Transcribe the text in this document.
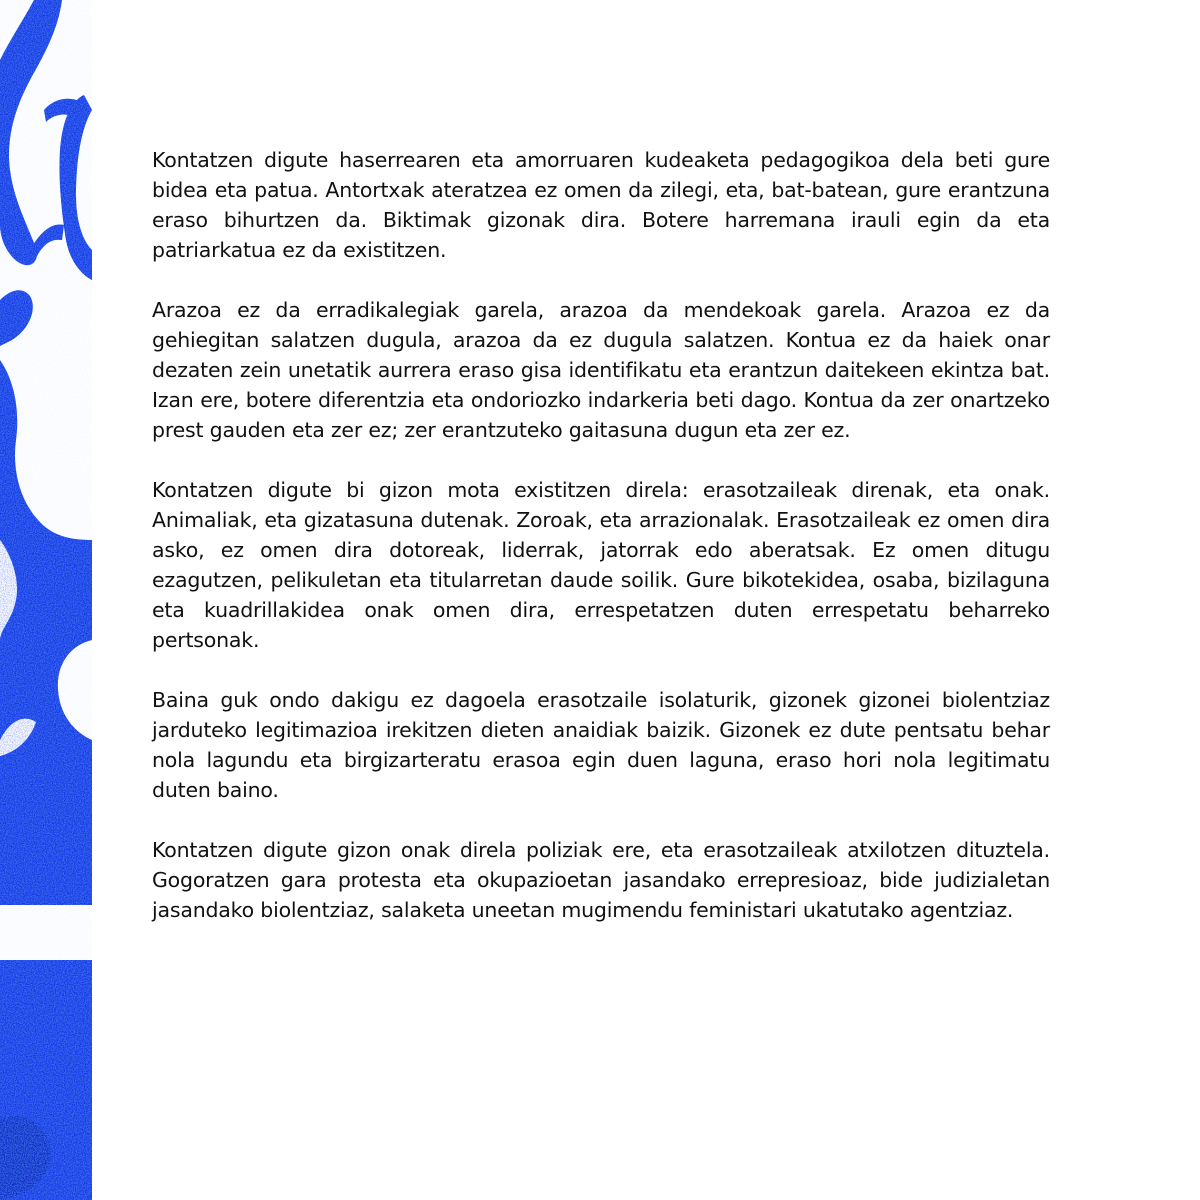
Kontatzen digute haserrearen eta amorruaren kudeaketa pedagogikoa dela beti gure bidea eta patua. Antortxak ateratzea ez omen da zilegi, eta, bat-batean, gure erantzuna eraso bihurtzen da. Biktimak gizonak dira. Botere harremana irauli egin da eta patriarkatua ez da existitzen.

Arazoa ez da erradikalegiak garela, arazoa da mendekoak garela. Arazoa ez da gehiegitan salatzen dugula, arazoa da ez dugula salatzen. Kontua ez da haiek onar dezaten zein unetatik aurrera eraso gisa identifikatu eta erantzun daitekeen ekintza bat. Izan ere, botere diferentzia eta ondoriozko indarkeria beti dago. Kontua da zer onartzeko prest gauden eta zer ez; zer erantzuteko gaitasuna dugun eta zer ez.

Kontatzen digute bi gizon mota existitzen direla: erasotzaileak direnak, eta onak. Animaliak, eta gizatasuna dutenak. Zoroak, eta arrazionalak. Erasotzaileak ez omen dira asko, ez omen dira dotoreak, liderrak, jatorrak edo aberatsak. Ez omen ditugu ezagutzen, pelikuletan eta titularretan daude soilik. Gure bikotekidea, osaba, bizilaguna eta kuadrillakidea onak omen dira, errespetatzen duten errespetatu beharreko pertsonak.

Baina guk ondo dakigu ez dagoela erasotzaile isolaturik, gizonek gizonei biolentziaz jarduteko legitimazioa irekitzen dieten anaidiak baizik. Gizonek ez dute pentsatu behar nola lagundu eta birgizarteratu erasoa egin duen laguna, eraso hori nola legitimatu duten baino.

Kontatzen digute gizon onak direla poliziak ere, eta erasotzaileak atxilotzen dituztela. Gogoratzen gara protesta eta okupazioetan jasandako errepresioaz, bide judizialetan jasandako biolentziaz, salaketa uneetan mugimendu feministari ukatutako agentziaz.
